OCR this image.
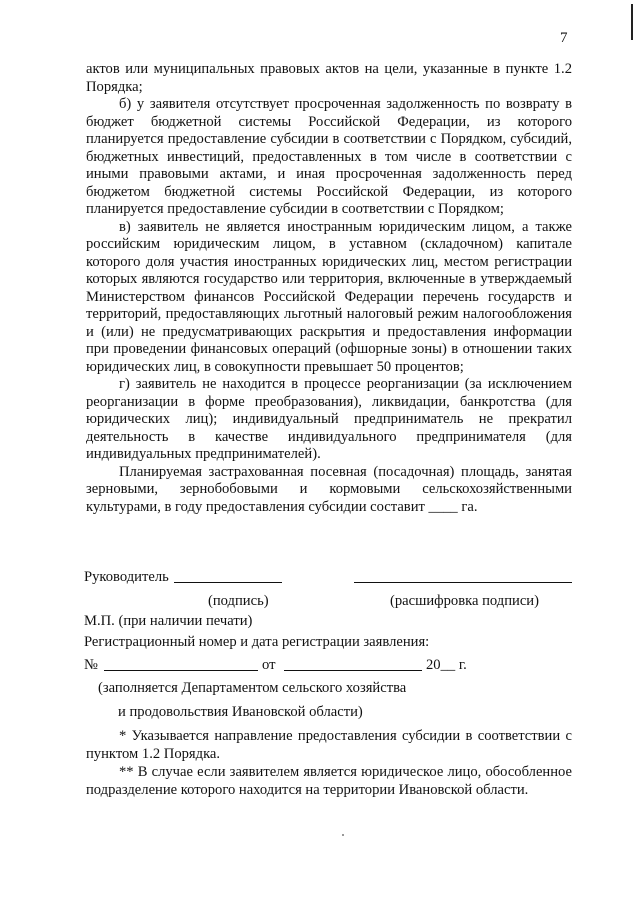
7

актов или муниципальных правовых актов на цели, указанные в пункте 1.2 Порядка;

б) у заявителя отсутствует просроченная задолженность по возврату в бюджет бюджетной системы Российской Федерации, из которого планируется предоставление субсидии в соответствии с Порядком, субсидий, бюджетных инвестиций, предоставленных в том числе в соответствии с иными правовыми актами, и иная просроченная задолженность перед бюджетом бюджетной системы Российской Федерации, из которого планируется предоставление субсидии в соответствии с Порядком;

в) заявитель не является иностранным юридическим лицом, а также российским юридическим лицом, в уставном (складочном) капитале которого доля участия иностранных юридических лиц, местом регистрации которых являются государство или территория, включенные в утверждаемый Министерством финансов Российской Федерации перечень государств и территорий, предоставляющих льготный налоговый режим налогообложения и (или) не предусматривающих раскрытия и предоставления информации при проведении финансовых операций (офшорные зоны) в отношении таких юридических лиц, в совокупности превышает 50 процентов;

г) заявитель не находится в процессе реорганизации (за исключением реорганизации в форме преобразования), ликвидации, банкротства (для юридических лиц); индивидуальный предприниматель не прекратил деятельность в качестве индивидуального предпринимателя (для индивидуальных предпринимателей).

Планируемая застрахованная посевная (посадочная) площадь, занятая зерновыми, зернобобовыми и кормовыми сельскохозяйственными культурами, в году предоставления субсидии составит ____ га.

Руководитель
(подпись)	(расшифровка подписи)
М.П. (при наличии печати)
Регистрационный номер и дата регистрации заявления:
№	от	20__ г.
(заполняется Департаментом сельского хозяйства
и продовольствия Ивановской области)

* Указывается направление предоставления субсидии в соответствии с пунктом 1.2 Порядка.

** В случае если заявителем является юридическое лицо, обособленное подразделение которого находится на территории Ивановской области.
